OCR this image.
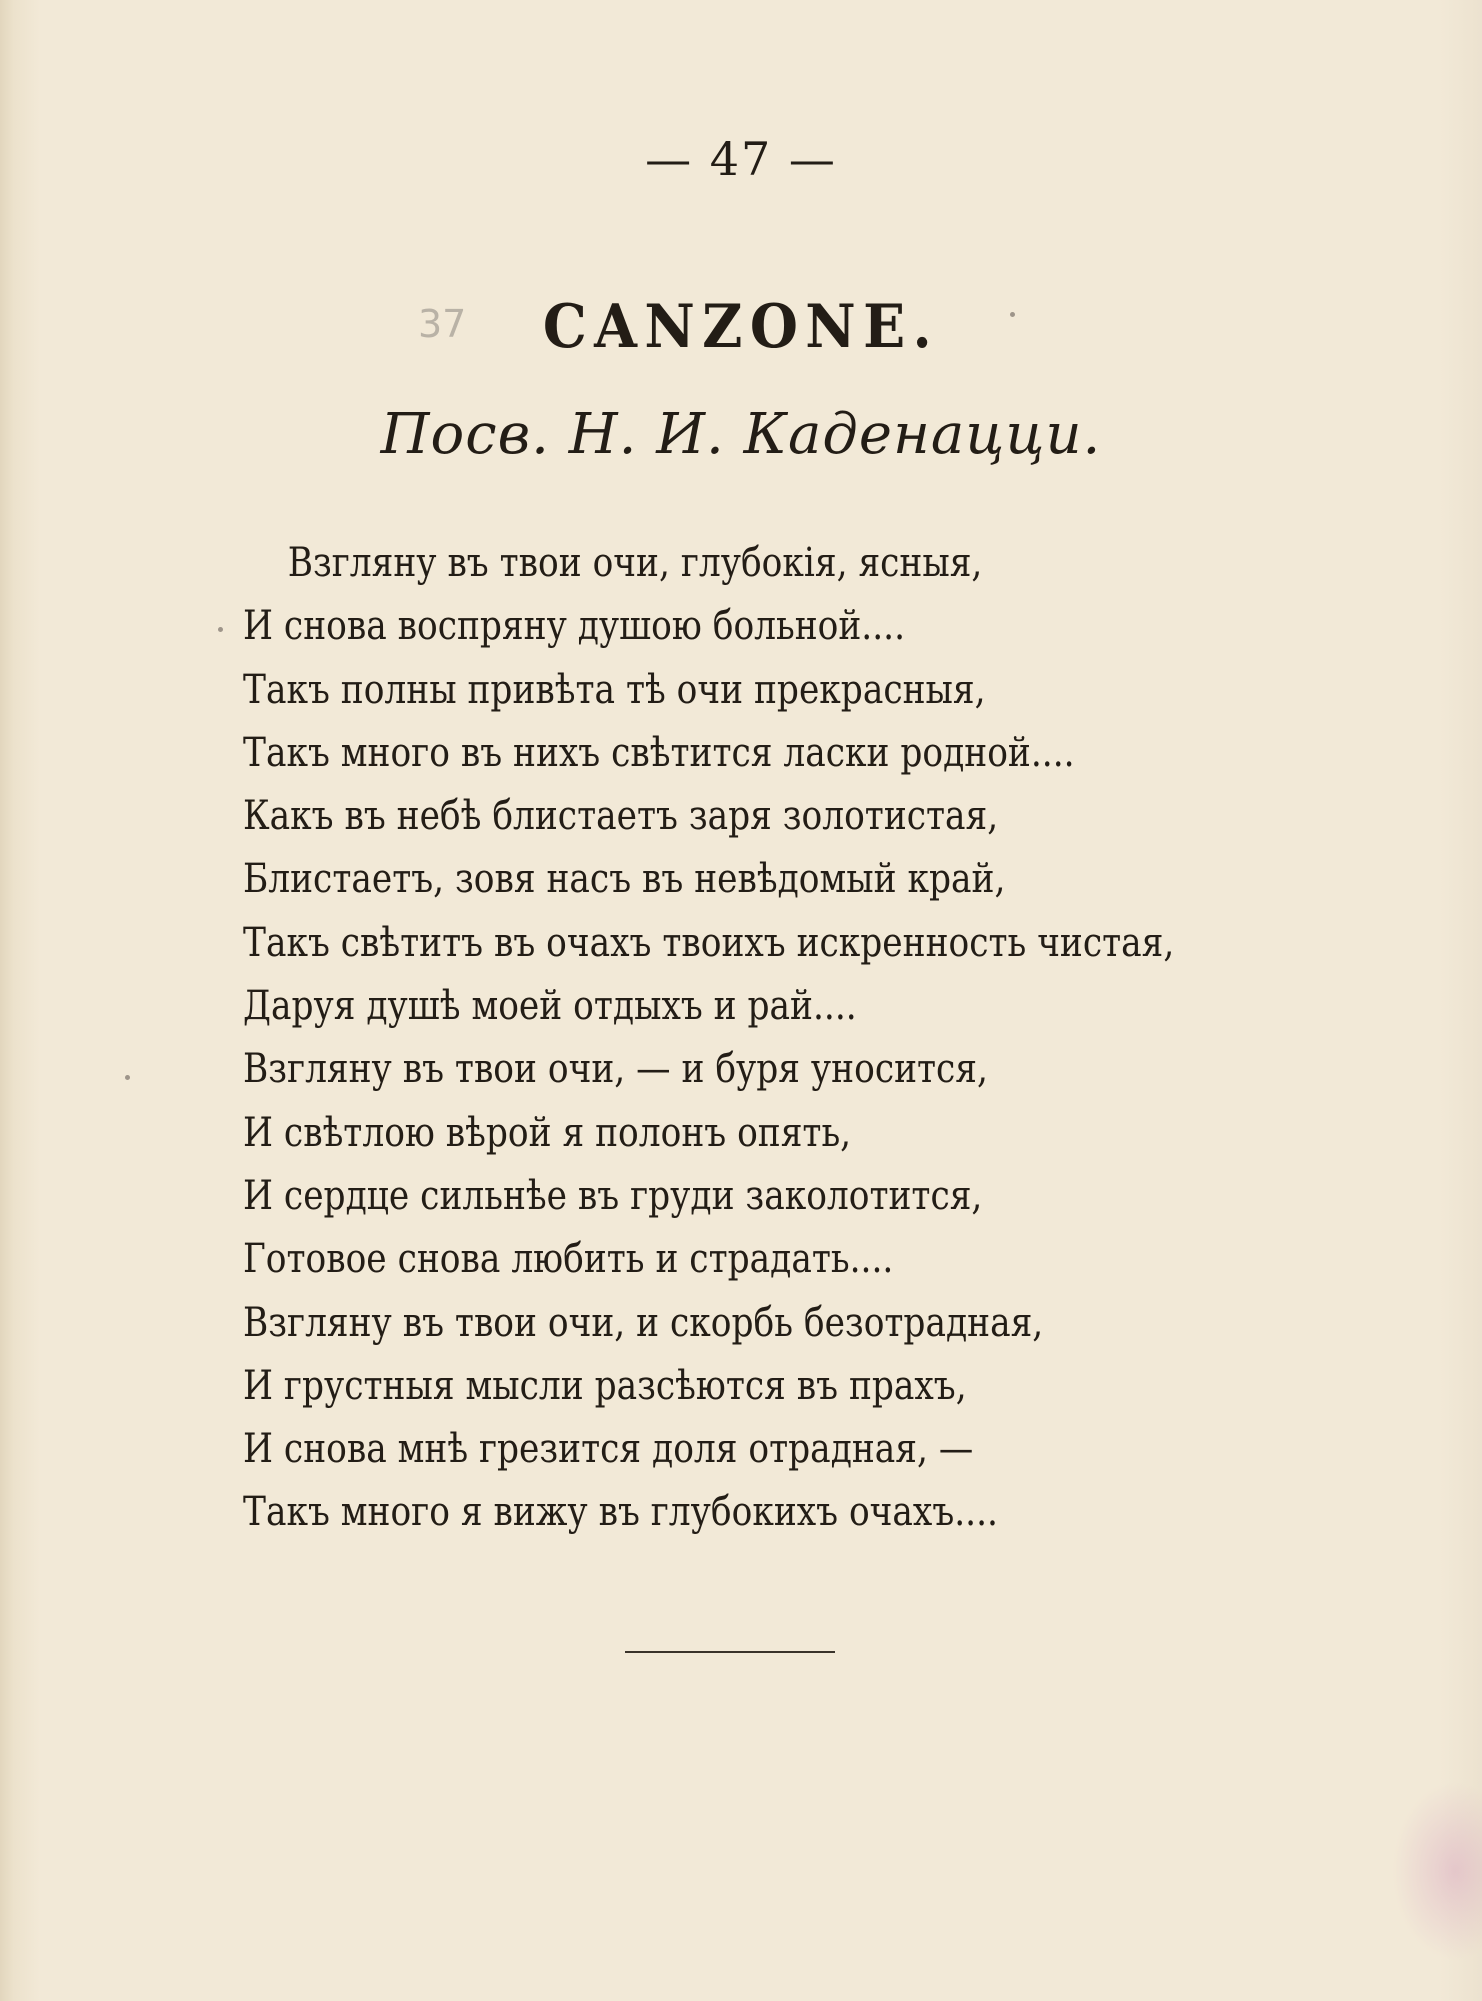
— 47 —
37	CANZONE.
Посв. Н. И. Каденацци.
Взгляну въ твои очи, глубокія, ясныя,
И снова воспряну душою больной....
Такъ полны привѣта тѣ очи прекрасныя,
Такъ много въ нихъ свѣтится ласки родной....
Какъ въ небѣ блистаетъ заря золотистая,
Блистаетъ, зовя насъ въ невѣдомый край,
Такъ свѣтитъ въ очахъ твоихъ искренность чистая,
Даруя душѣ моей отдыхъ и рай....
Взгляну въ твои очи, — и буря уносится,
И свѣтлою вѣрой я полонъ опять,
И сердце сильнѣе въ груди заколотится,
Готовое снова любить и страдать....
Взгляну въ твои очи, и скорбь безотрадная,
И грустныя мысли разсѣются въ прахъ,
И снова мнѣ грезится доля отрадная, —
Такъ много я вижу въ глубокихъ очахъ....
